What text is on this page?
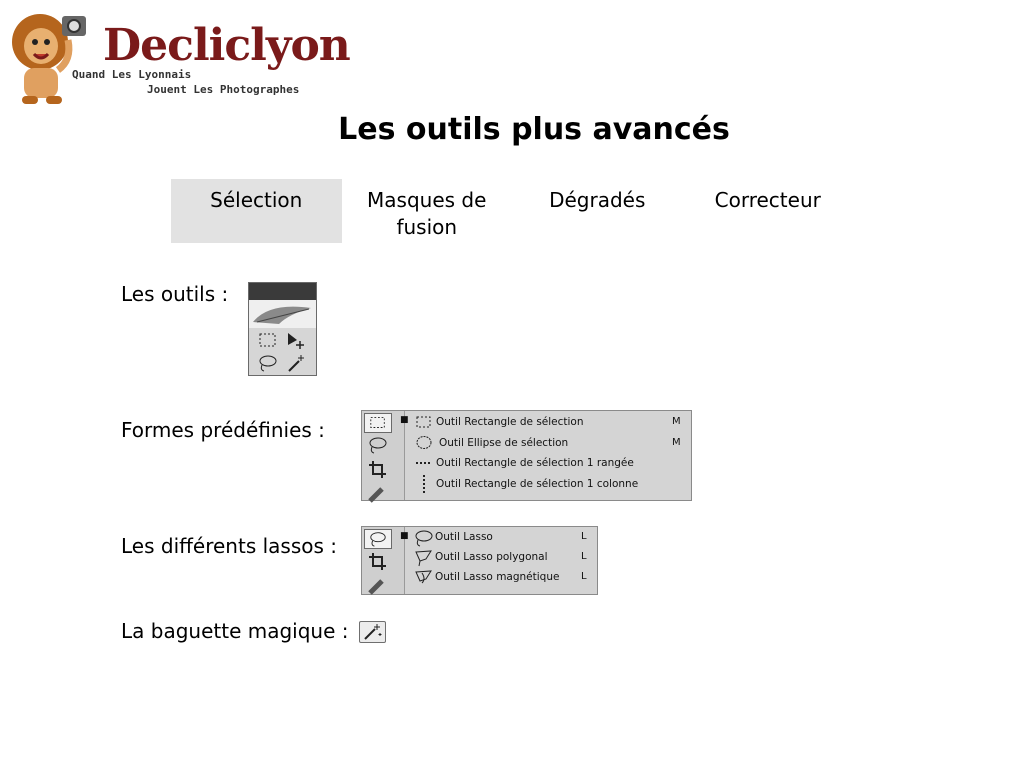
Decliclyon
Quand Les Lyonnais
Jouent Les Photographes
Les outils plus avancés
Sélection	Masques de fusion
Dégradés	Correcteur
Les outils :
Formes prédéfinies :	■	Outil Rectangle de sélection	M
Outil Ellipse de sélection	M
Outil Rectangle de sélection 1 rangée
Outil Rectangle de sélection 1 colonne
Les différents lassos :	■	Outil Lasso	L
Outil Lasso polygonal	L
Outil Lasso magnétique L
La baguette magique :
